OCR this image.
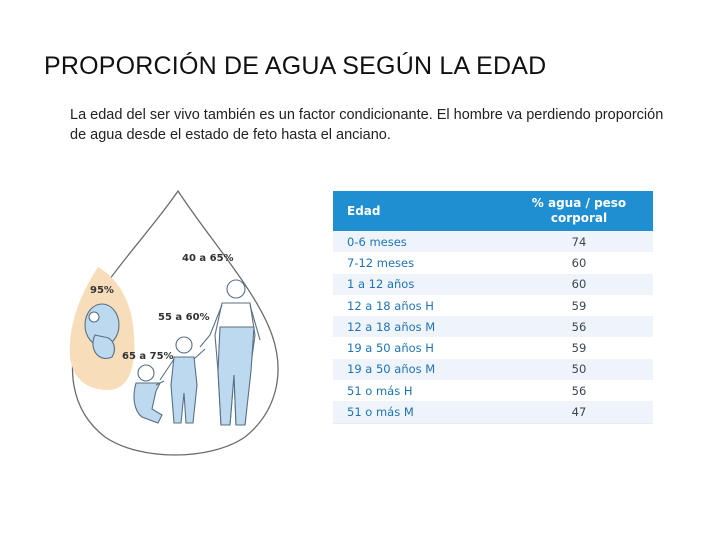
PROPORCIÓN DE AGUA SEGÚN LA EDAD
La edad del ser vivo también es un factor condicionante. El hombre va perdiendo proporción de agua desde el estado de feto hasta el anciano.
95%
40 a 65%
55 a 60%
65 a 75%
Edad
% agua / peso corporal
0-6 meses	74
7-12 meses	60
1 a 12 años	60
12 a 18 años H	59
12 a 18 años M	56
19 a 50 años H	59
19 a 50 años M	50
51 o más H	56
51 o más M	47
